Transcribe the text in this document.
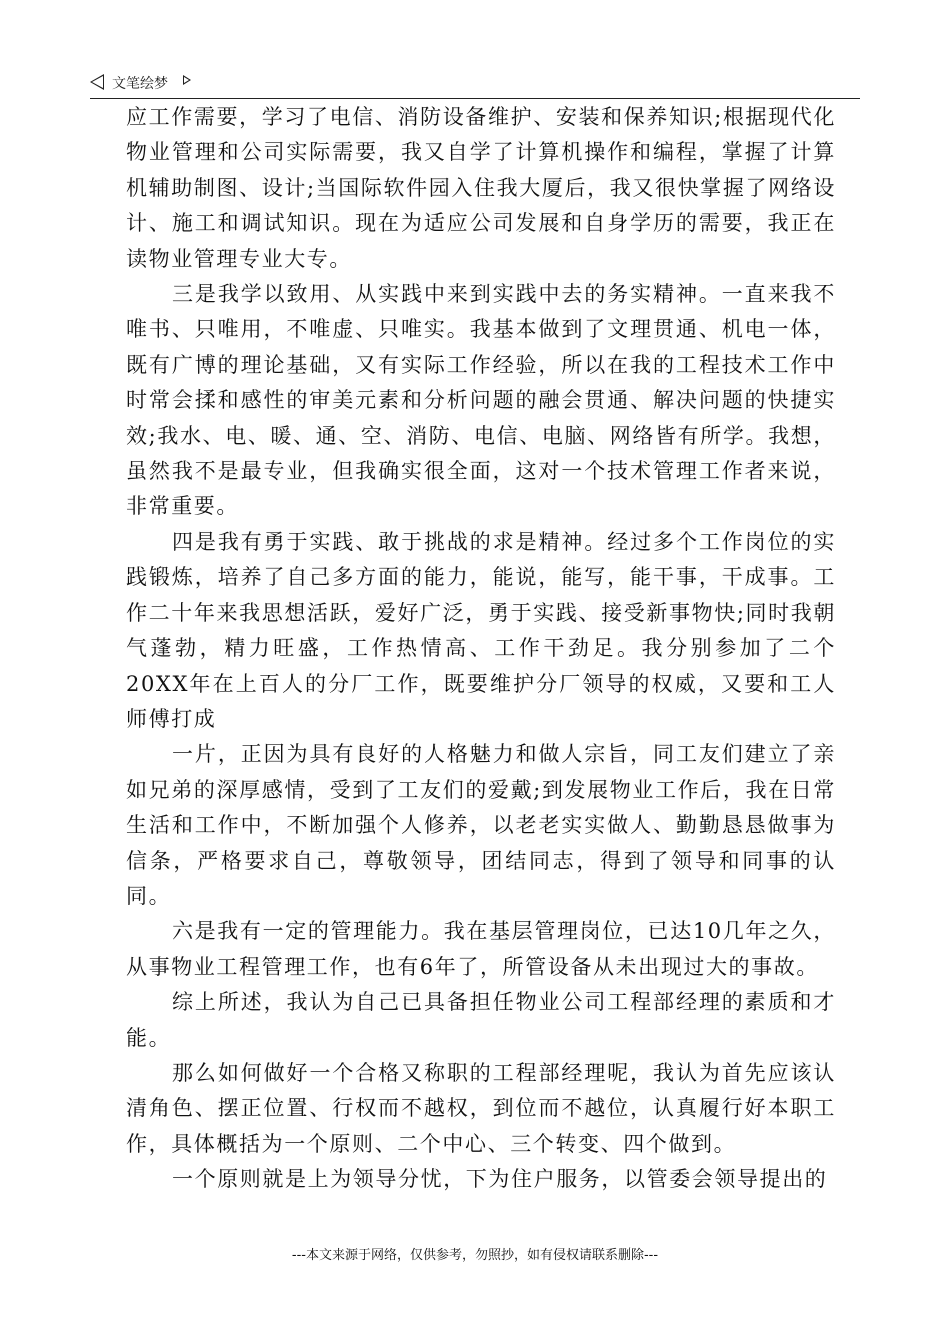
文笔绘梦

应工作需要，学习了电信、消防设备维护、安装和保养知识;根据现代化物业管理和公司实际需要，我又自学了计算机操作和编程，掌握了计算机辅助制图、设计;当国际软件园入住我大厦后，我又很快掌握了网络设计、施工和调试知识。现在为适应公司发展和自身学历的需要，我正在读物业管理专业大专。

三是我学以致用、从实践中来到实践中去的务实精神。一直来我不唯书、只唯用，不唯虚、只唯实。我基本做到了文理贯通、机电一体，既有广博的理论基础，又有实际工作经验，所以在我的工程技术工作中时常会揉和感性的审美元素和分析问题的融会贯通、解决问题的快捷实效;我水、电、暖、通、空、消防、电信、电脑、网络皆有所学。我想，虽然我不是最专业，但我确实很全面，这对一个技术管理工作者来说，非常重要。

四是我有勇于实践、敢于挑战的求是精神。经过多个工作岗位的实践锻炼，培养了自己多方面的能力，能说，能写，能干事，干成事。工作二十年来我思想活跃，爱好广泛，勇于实践、接受新事物快;同时我朝气蓬勃，精力旺盛，工作热情高、工作干劲足。我分别参加了二个20XX年在上百人的分厂工作，既要维护分厂领导的权威，又要和工人师傅打成

一片，正因为具有良好的人格魅力和做人宗旨，同工友们建立了亲如兄弟的深厚感情，受到了工友们的爱戴;到发展物业工作后，我在日常生活和工作中，不断加强个人修养，以老老实实做人、勤勤恳恳做事为信条，严格要求自己，尊敬领导，团结同志，得到了领导和同事的认同。

六是我有一定的管理能力。我在基层管理岗位，已达10几年之久，从事物业工程管理工作，也有6年了，所管设备从未出现过大的事故。

综上所述，我认为自己已具备担任物业公司工程部经理的素质和才能。

那么如何做好一个合格又称职的工程部经理呢，我认为首先应该认清角色、摆正位置、行权而不越权，到位而不越位，认真履行好本职工作，具体概括为一个原则、二个中心、三个转变、四个做到。

一个原则就是上为领导分忧，下为住户服务，以管委会领导提出的

---本文来源于网络，仅供参考，勿照抄，如有侵权请联系删除---
